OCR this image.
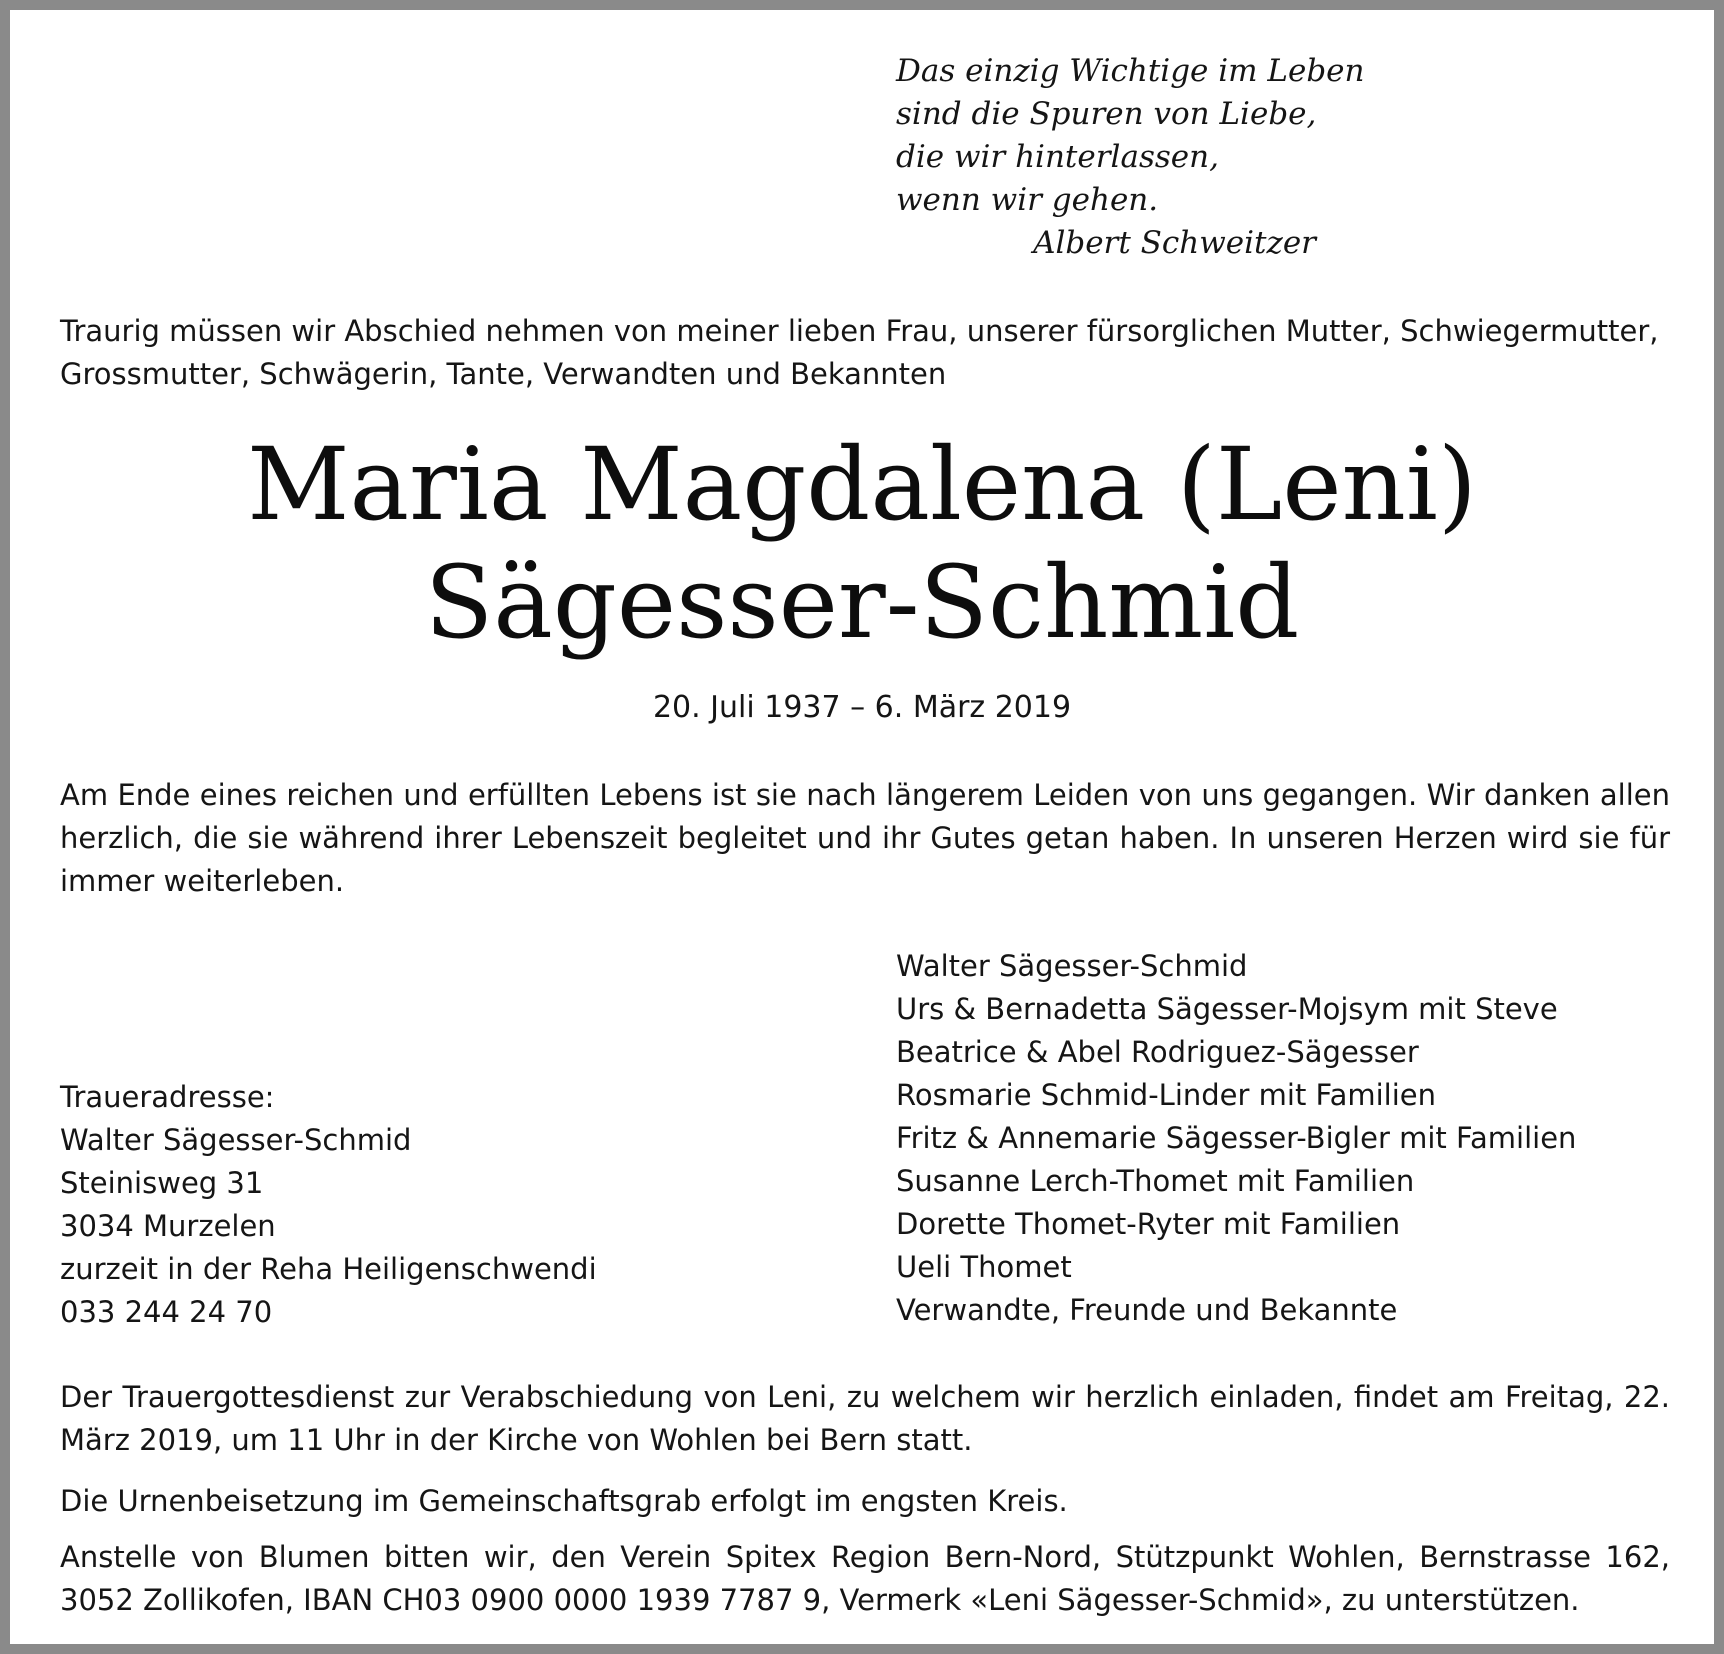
Das einzig Wichtige im Leben
sind die Spuren von Liebe,
die wir hinterlassen,
wenn wir gehen.
Albert Schweitzer
Traurig müssen wir Abschied nehmen von meiner lieben Frau, unserer fürsorglichen Mutter, Schwiegermutter, Grossmutter, Schwägerin, Tante, Verwandten und Bekannten
Maria Magdalena (Leni)
Sägesser-Schmid
20. Juli 1937 – 6. März 2019
Am Ende eines reichen und erfüllten Lebens ist sie nach längerem Leiden von uns gegangen. Wir danken allen herzlich, die sie während ihrer Lebenszeit begleitet und ihr Gutes getan haben. In unseren Herzen wird sie für immer weiterleben.
Traueradresse:
Walter Sägesser-Schmid
Steinisweg 31
3034 Murzelen
zurzeit in der Reha Heiligenschwendi
033 244 24 70
Walter Sägesser-Schmid
Urs & Bernadetta Sägesser-Mojsym mit Steve
Beatrice & Abel Rodriguez-Sägesser
Rosmarie Schmid-Linder mit Familien
Fritz & Annemarie Sägesser-Bigler mit Familien
Susanne Lerch-Thomet mit Familien
Dorette Thomet-Ryter mit Familien
Ueli Thomet
Verwandte, Freunde und Bekannte
Der Trauergottesdienst zur Verabschiedung von Leni, zu welchem wir herzlich einladen, findet am Freitag, 22. März 2019, um 11 Uhr in der Kirche von Wohlen bei Bern statt.
Die Urnenbeisetzung im Gemeinschaftsgrab erfolgt im engsten Kreis.
Anstelle von Blumen bitten wir, den Verein Spitex Region Bern-Nord, Stützpunkt Wohlen, Bernstrasse 162, 3052 Zollikofen, IBAN CH03 0900 0000 1939 7787 9, Vermerk «Leni Sägesser-Schmid», zu unterstützen.
